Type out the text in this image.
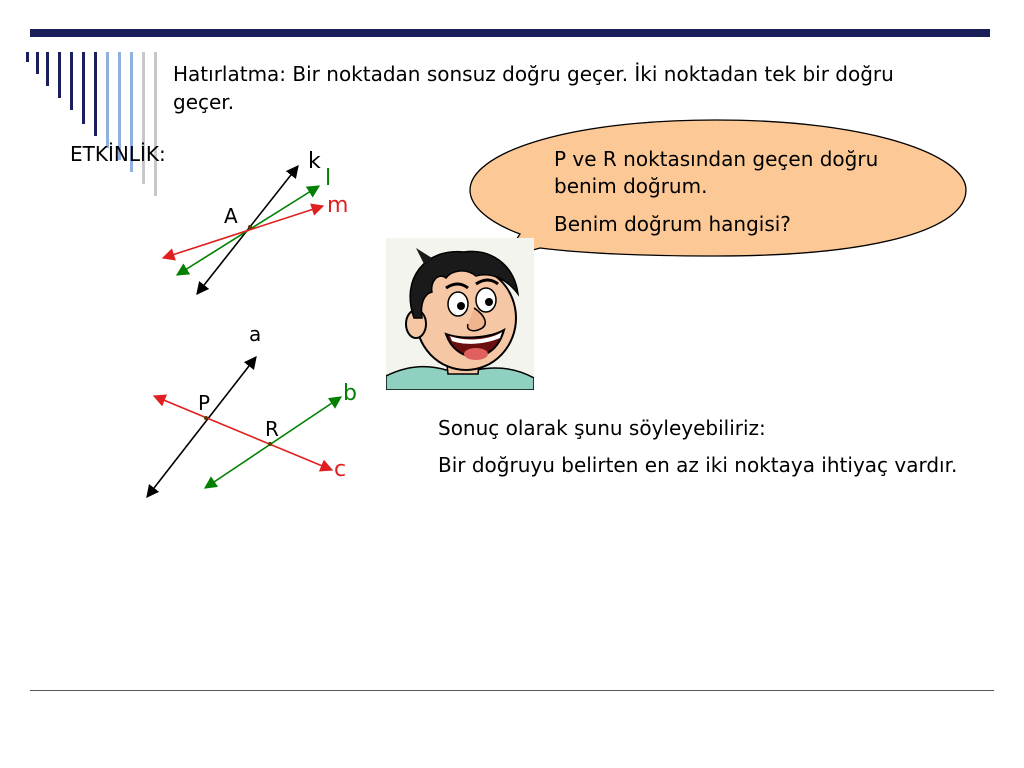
Hatırlatma: Bir noktadan sonsuz doğru geçer. İki noktadan tek bir doğru geçer.

ETKİNLİK:	k
l
m
A
a
b
c
P
R

P ve R noktasından geçen doğru benim doğrum.

Benim doğrum hangisi?

Sonuç olarak şunu söyleyebiliriz:

Bir doğruyu belirten en az iki noktaya ihtiyaç vardır.
